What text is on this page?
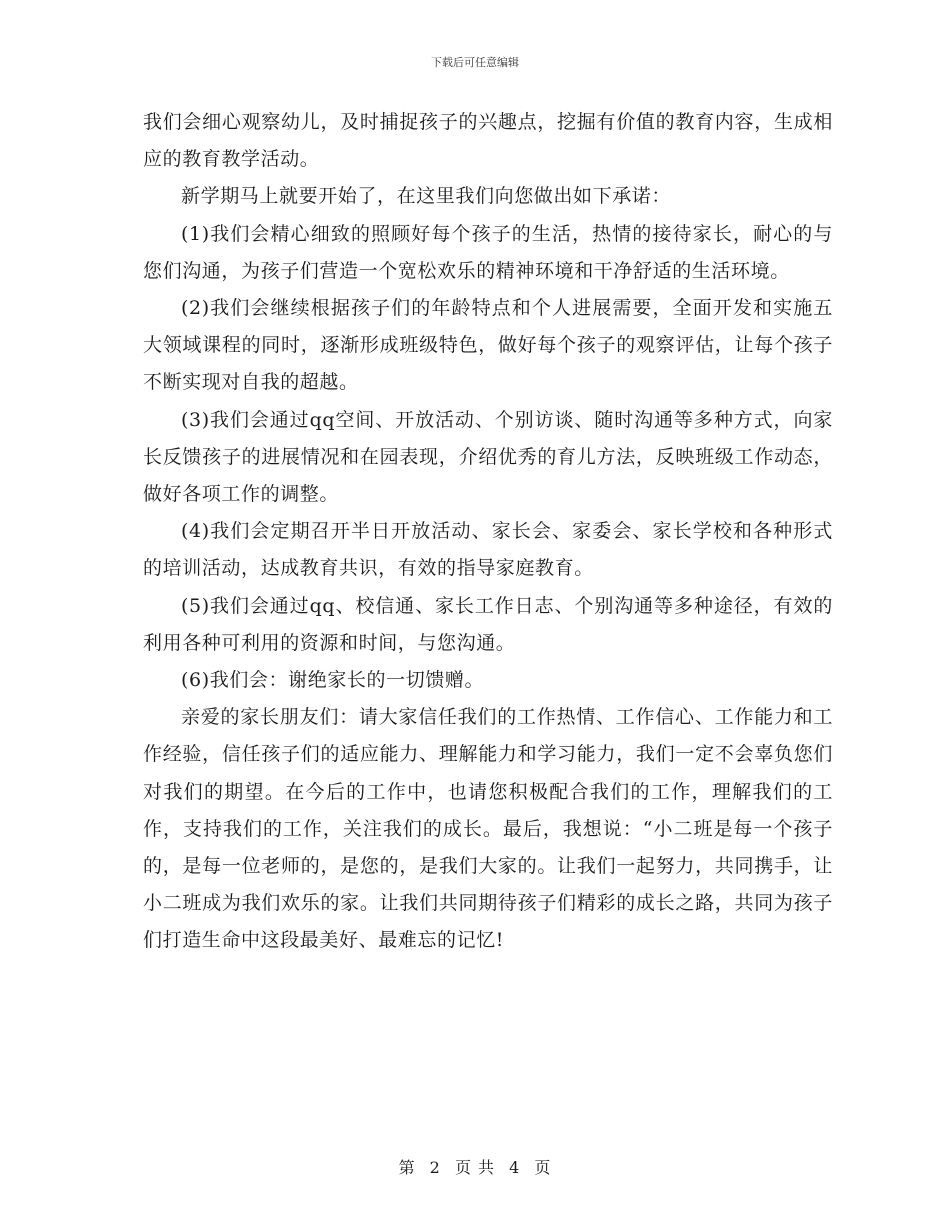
下载后可任意编辑

我们会细心观察幼儿，及时捕捉孩子的兴趣点，挖掘有价值的教育内容，生成相应的教育教学活动。

新学期马上就要开始了，在这里我们向您做出如下承诺：

(1)我们会精心细致的照顾好每个孩子的生活，热情的接待家长，耐心的与您们沟通，为孩子们营造一个宽松欢乐的精神环境和干净舒适的生活环境。

(2)我们会继续根据孩子们的年龄特点和个人进展需要，全面开发和实施五大领域课程的同时，逐渐形成班级特色，做好每个孩子的观察评估，让每个孩子不断实现对自我的超越。

(3)我们会通过qq空间、开放活动、个别访谈、随时沟通等多种方式，向家长反馈孩子的进展情况和在园表现，介绍优秀的育儿方法，反映班级工作动态，做好各项工作的调整。

(4)我们会定期召开半日开放活动、家长会、家委会、家长学校和各种形式的培训活动，达成教育共识，有效的指导家庭教育。

(5)我们会通过qq、校信通、家长工作日志、个别沟通等多种途径，有效的利用各种可利用的资源和时间，与您沟通。

(6)我们会：谢绝家长的一切馈赠。

亲爱的家长朋友们：请大家信任我们的工作热情、工作信心、工作能力和工作经验，信任孩子们的适应能力、理解能力和学习能力，我们一定不会辜负您们对我们的期望。在今后的工作中，也请您积极配合我们的工作，理解我们的工作，支持我们的工作，关注我们的成长。最后，我想说：“小二班是每一个孩子的，是每一位老师的，是您的，是我们大家的。让我们一起努力，共同携手，让小二班成为我们欢乐的家。让我们共同期待孩子们精彩的成长之路，共同为孩子们打造生命中这段最美好、最难忘的记忆!

第 2 页 共 4 页
